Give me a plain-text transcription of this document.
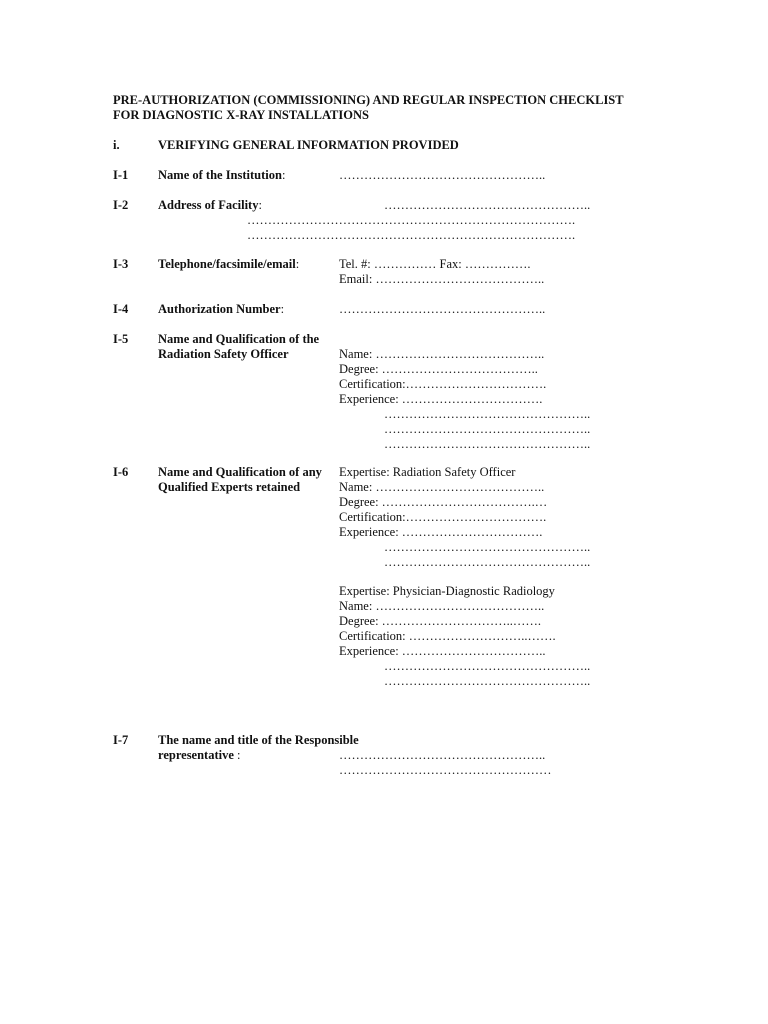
PRE-AUTHORIZATION (COMMISSIONING) AND REGULAR INSPECTION CHECKLIST
FOR DIAGNOSTIC X-RAY INSTALLATIONS
i.	VERIFYING GENERAL INFORMATION PROVIDED
I-1 Name of the Institution:	…………………………………………..
I-2 Address of Facility:	…………………………………………..
…………………………………………………………………….
…………………………………………………………………….
I-3 Telephone/facsimile/email:	Tel. #: …………… Fax: …………….
Email: …………………………………..
I-4 Authorization Number:	…………………………………………..
I-5 Name and Qualification of the
Radiation Safety Officer	Name: …………………………………..
Degree: ………………………………..
Certification:…………………………….
Experience: …………………………….
…………………………………………..
…………………………………………..
…………………………………………..
I-6 Name and Qualification of any
Qualified Experts retained
Expertise: Radiation Safety Officer
Name: …………………………………..
Degree: ……………………………….…
Certification:…………………………….
Experience: …………………………….
…………………………………………..
…………………………………………..
Expertise: Physician-Diagnostic Radiology
Name: …………………………………..
Degree: …………………………..…….
Certification: ………………………..…….
Experience: ……………………………..
…………………………………………..
…………………………………………..
I-7 The name and title of the Responsible
representative :	…………………………………………..
……………………………………………
